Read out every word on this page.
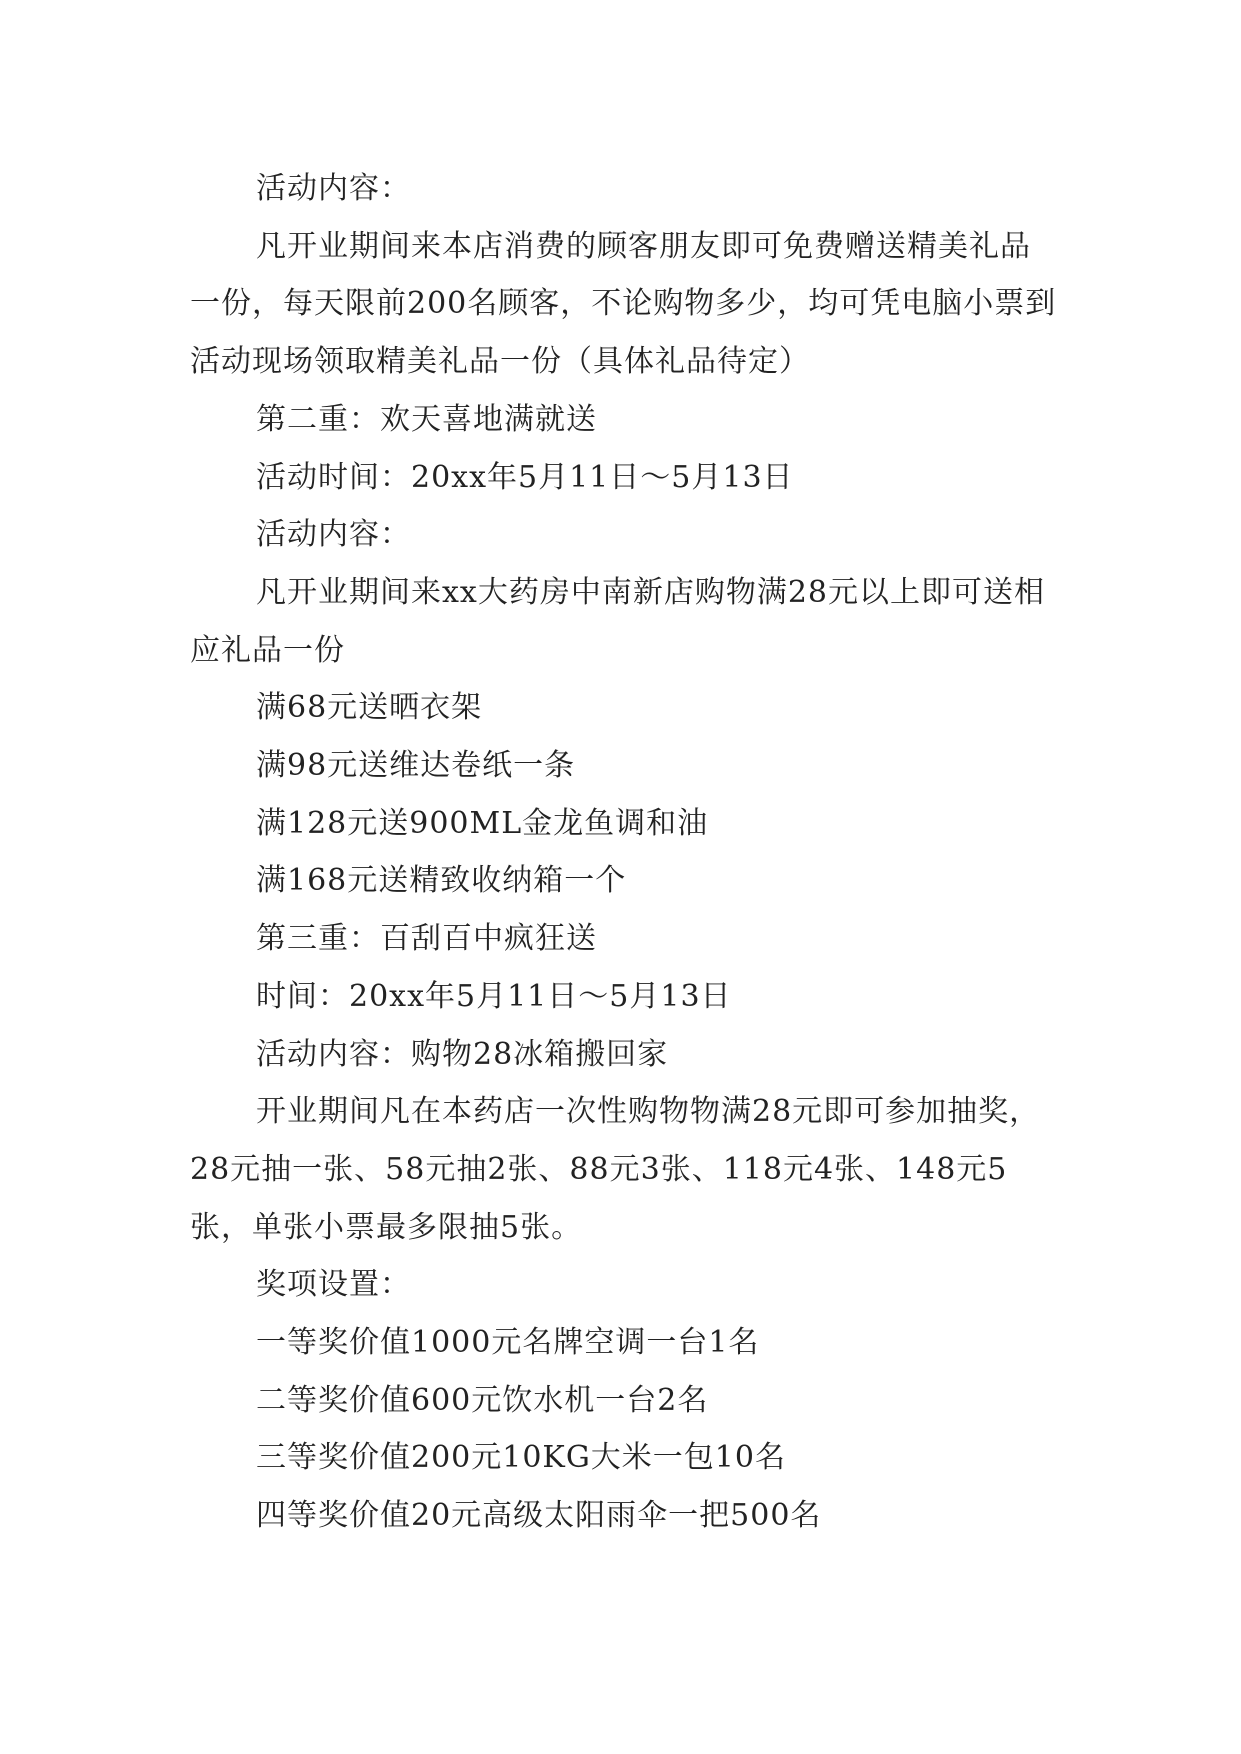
活动内容：

凡开业期间来本店消费的顾客朋友即可免费赠送精美礼品一份，每天限前200名顾客，不论购物多少，均可凭电脑小票到活动现场领取精美礼品一份（具体礼品待定）

第二重：欢天喜地满就送

活动时间：20xx年5月11日～5月13日

活动内容：

凡开业期间来xx大药房中南新店购物满28元以上即可送相应礼品一份

满68元送晒衣架

满98元送维达卷纸一条

满128元送900ML金龙鱼调和油

满168元送精致收纳箱一个

第三重：百刮百中疯狂送

时间：20xx年5月11日～5月13日

活动内容：购物28冰箱搬回家

开业期间凡在本药店一次性购物物满28元即可参加抽奖，28元抽一张、58元抽2张、88元3张、118元4张、148元5张，单张小票最多限抽5张。

奖项设置：

一等奖价值1000元名牌空调一台1名

二等奖价值600元饮水机一台2名

三等奖价值200元10KG大米一包10名

四等奖价值20元高级太阳雨伞一把500名
